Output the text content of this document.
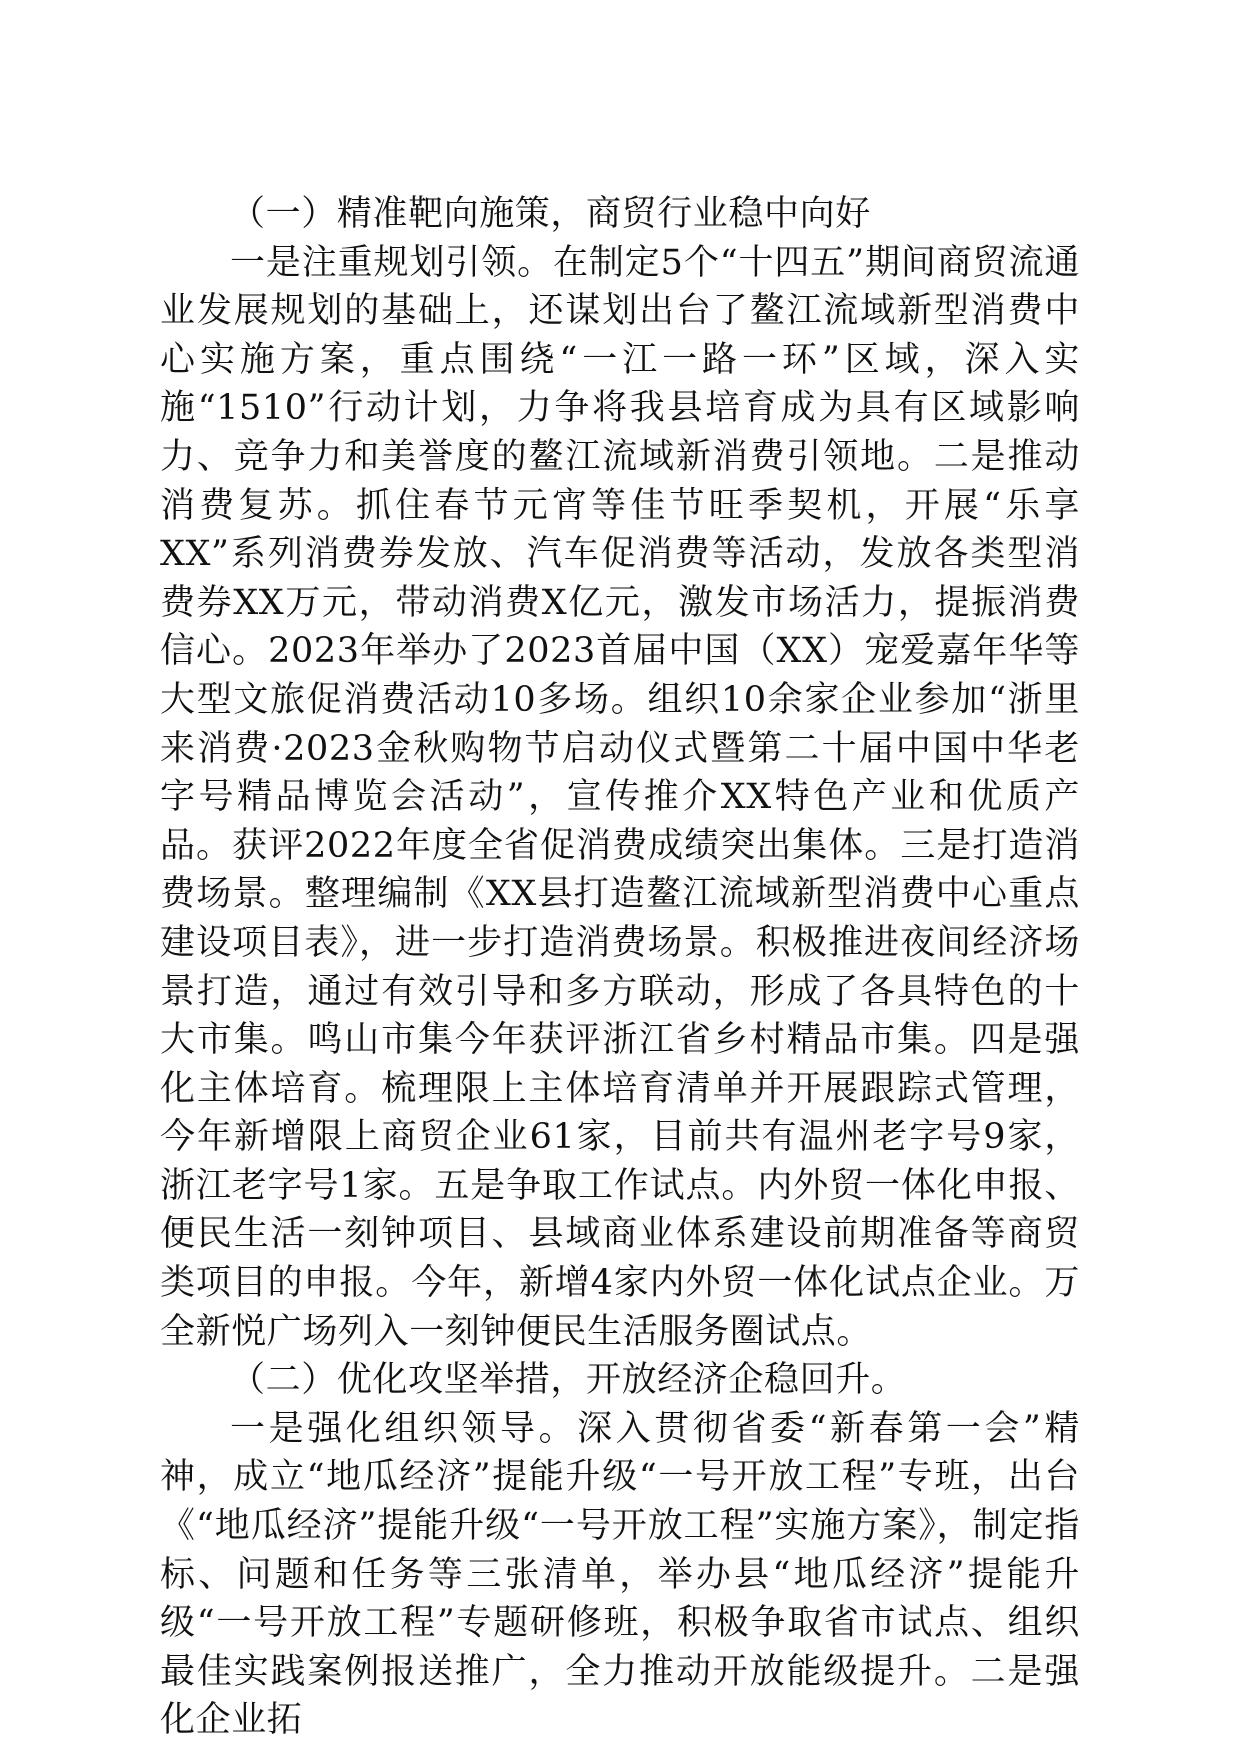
（一）精准靶向施策，商贸行业稳中向好

一是注重规划引领。在制定5个“十四五”期间商贸流通业发展规划的基础上，还谋划出台了鳌江流域新型消费中心实施方案，重点围绕“一江一路一环”区域，深入实施“1510”行动计划，力争将我县培育成为具有区域影响力、竞争力和美誉度的鳌江流域新消费引领地。二是推动消费复苏。抓住春节元宵等佳节旺季契机，开展“乐享XX”系列消费券发放、汽车促消费等活动，发放各类型消费券XX万元，带动消费X亿元，激发市场活力，提振消费信心。2023年举办了2023首届中国（XX）宠爱嘉年华等大型文旅促消费活动10多场。组织10余家企业参加“浙里来消费·2023金秋购物节启动仪式暨第二十届中国中华老字号精品博览会活动”，宣传推介XX特色产业和优质产品。获评2022年度全省促消费成绩突出集体。三是打造消费场景。整理编制《XX县打造鳌江流域新型消费中心重点建设项目表》，进一步打造消费场景。积极推进夜间经济场景打造，通过有效引导和多方联动，形成了各具特色的十大市集。鸣山市集今年获评浙江省乡村精品市集。四是强化主体培育。梳理限上主体培育清单并开展跟踪式管理，今年新增限上商贸企业61家，目前共有温州老字号9家，浙江老字号1家。五是争取工作试点。内外贸一体化申报、便民生活一刻钟项目、县域商业体系建设前期准备等商贸类项目的申报。今年，新增4家内外贸一体化试点企业。万全新悦广场列入一刻钟便民生活服务圈试点。

（二）优化攻坚举措，开放经济企稳回升。

一是强化组织领导。深入贯彻省委“新春第一会”精神，成立“地瓜经济”提能升级“一号开放工程”专班，出台《“地瓜经济”提能升级“一号开放工程”实施方案》，制定指标、问题和任务等三张清单，举办县“地瓜经济”提能升级“一号开放工程”专题研修班，积极争取省市试点、组织最佳实践案例报送推广，全力推动开放能级提升。二是强化企业拓
